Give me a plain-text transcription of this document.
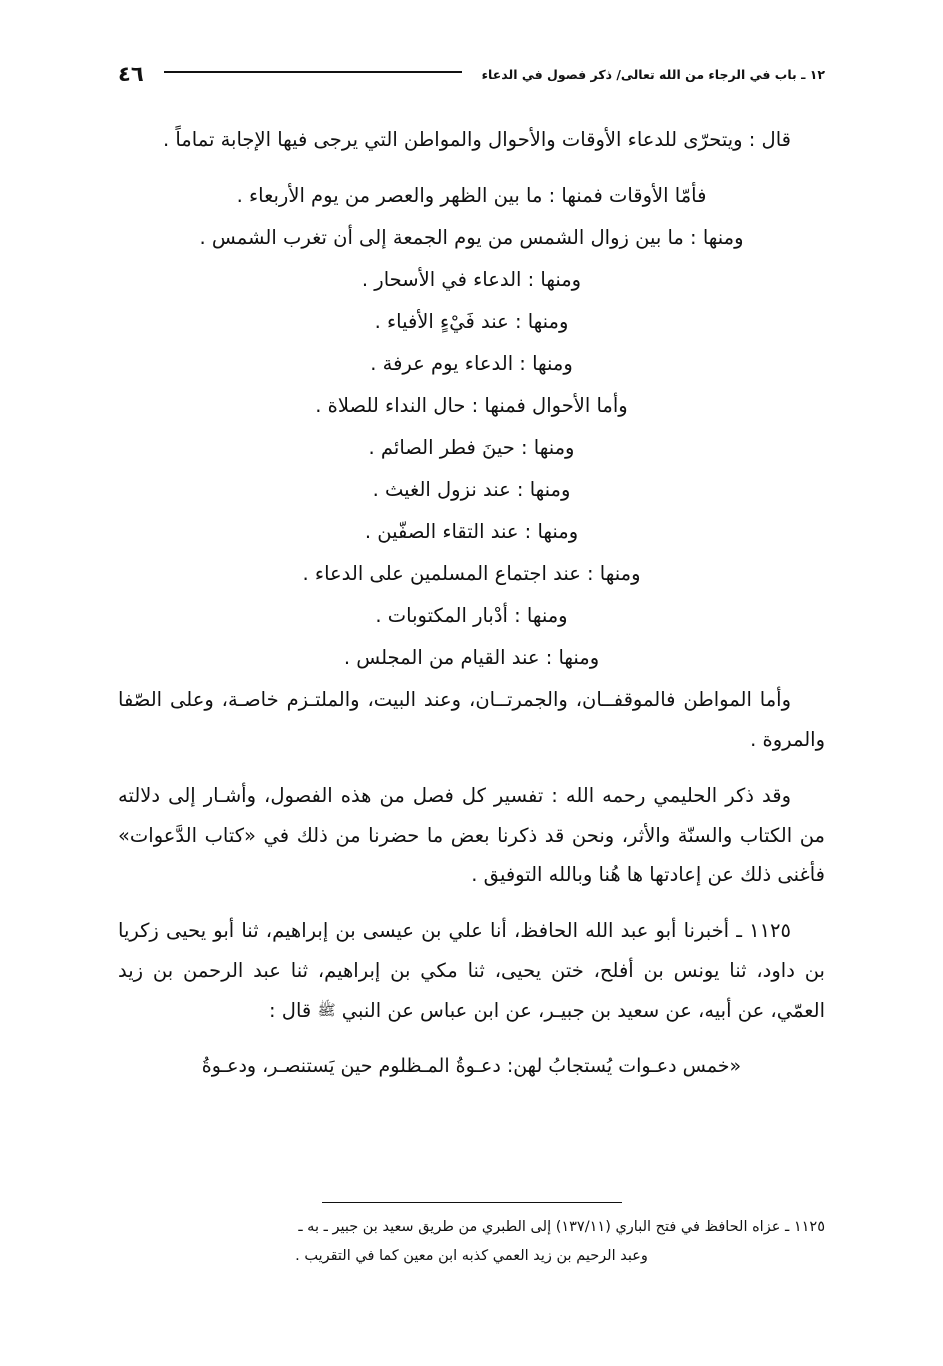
١٢ ـ باب في الرجاء من الله تعالى/ ذكر فصول في الدعاء
٤٦

قال : ويتحرّى للدعاء الأوقات والأحوال والمواطن التي يرجى فيها الإجابة تماماً .

فأمّا الأوقات فمنها : ما بين الظهر والعصر من يوم الأربعاء .

ومنها : ما بين زوال الشمس من يوم الجمعة إلى أن تغرب الشمس .

ومنها : الدعاء في الأسحار .

ومنها : عند فَيْءٍ الأفياء .

ومنها : الدعاء يوم عرفة .

وأما الأحوال فمنها : حال النداء للصلاة .

ومنها : حينَ فطر الصائم .

ومنها : عند نزول الغيث .

ومنها : عند التقاء الصفّين .

ومنها : عند اجتماع المسلمين على الدعاء .

ومنها : أدْبار المكتوبات .

ومنها : عند القيام من المجلس .

وأما المواطن فالموقفــان، والجمرتــان، وعند البيت، والملتـزم خاصـة، وعلى الصّفا والمروة .

وقد ذكر الحليمي رحمه الله : تفسير كل فصل من هذه الفصول، وأشـار إلى دلالته من الكتاب والسنّة والأثر، ونحن قد ذكرنا بعض ما حضرنا من ذلك في «كتاب الدَّعوات» فأغنى ذلك عن إعادتها ها هُنا وبالله التوفيق .

١١٢٥ ـ أخبرنا أبو عبد الله الحافظ، أنا علي بن عيسى بن إبراهيم، ثنا أبو يحيى زكريا بن داود، ثنا يونس بن أفلح، ختن يحيى، ثنا مكي بن إبراهيم، ثنا عبد الرحمن بن زيد العمّي، عن أبيه، عن سعيد بن جبيـر، عن ابن عباس عن النبي ﷺ قال :

«خمس دعـوات يُستجابُ لهن: دعـوةُ المـظلوم حين يَستنصـر، ودعـوةُ

١١٢٥ ـ عزاه الحافظ في فتح الباري (١٣٧/١١) إلى الطبري من طريق سعيد بن جبير ـ به ـ
وعبد الرحيم بن زيد العمي كذبه ابن معين كما في التقريب .
